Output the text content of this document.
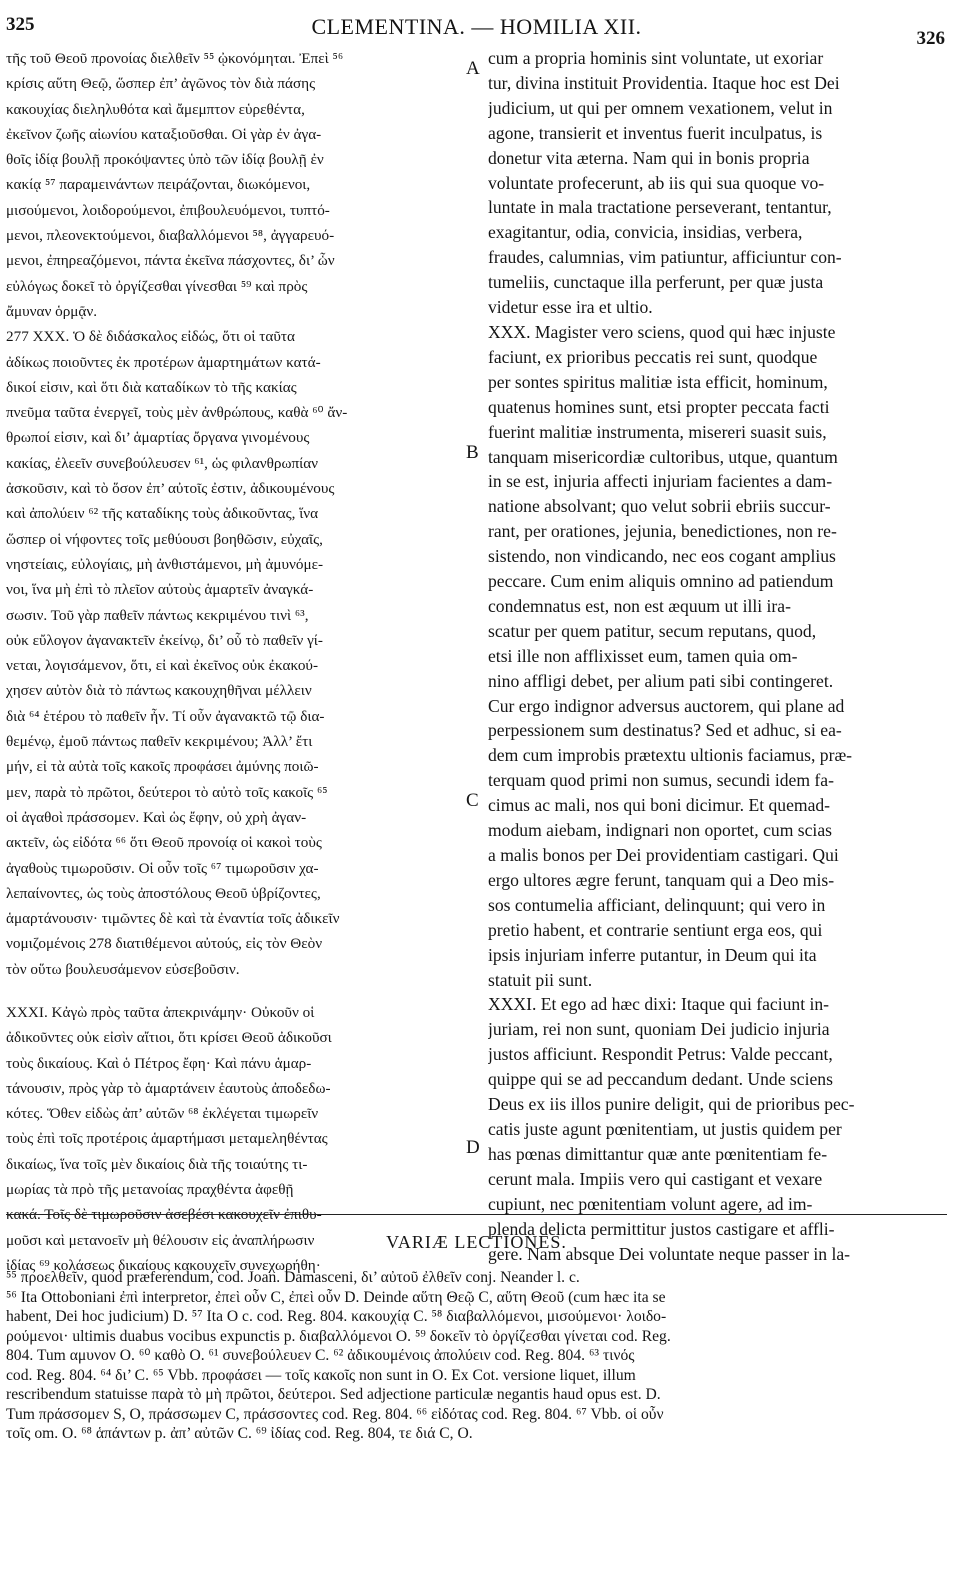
325	CLEMENTINA. — HOMILIA XII.	326
τῆς τοῦ Θεοῦ προνοίας διελθεῖν ⁵⁵ ᾠκονόμηται. Ἐπεὶ ⁵⁶
κρίσις αὕτη Θεῷ, ὥσπερ ἐπ’ ἀγῶνος τὸν διὰ πάσης
κακουχίας διεληλυθότα καὶ ἄμεμπτον εὑρεθέντα,
ἐκεῖνον ζωῆς αἰωνίου καταξιοῦσθαι. Οἱ γὰρ ἐν ἀγα-
θοῖς ἰδίᾳ βουλῇ προκόψαντες ὑπὸ τῶν ἰδίᾳ βουλῇ ἐν
κακίᾳ ⁵⁷ παραμεινάντων πειράζονται, διωκόμενοι,
μισούμενοι, λοιδορούμενοι, ἐπιβουλευόμενοι, τυπτό-
μενοι, πλεονεκτούμενοι, διαβαλλόμενοι ⁵⁸, ἀγγαρευό-
μενοι, ἐπηρεαζόμενοι, πάντα ἐκεῖνα πάσχοντες, δι’ ὧν
εὐλόγως δοκεῖ τὸ ὀργίζεσθαι γίνεσθαι ⁵⁹ καὶ πρὸς
ἄμυναν ὁρμᾷν.
277 XXX. Ὁ δὲ διδάσκαλος εἰδώς, ὅτι οἱ ταῦτα
ἀδίκως ποιοῦντες ἐκ προτέρων ἁμαρτημάτων κατά-
δικοί εἰσιν, καὶ ὅτι διὰ καταδίκων τὸ τῆς κακίας
πνεῦμα ταῦτα ἐνεργεῖ, τοὺς μὲν ἀνθρώπους, καθὰ ⁶⁰ ἄν-
θρωποί εἰσιν, καὶ δι’ ἁμαρτίας ὄργανα γινομένους
κακίας, ἐλεεῖν συνεβούλευσεν ⁶¹, ὡς φιλανθρωπίαν
ἀσκοῦσιν, καὶ τὸ ὅσον ἐπ’ αὐτοῖς ἐστιν, ἀδικουμένους
καὶ ἀπολύειν ⁶² τῆς καταδίκης τοὺς ἀδικοῦντας, ἵνα
ὥσπερ οἱ νήφοντες τοῖς μεθύουσι βοηθῶσιν, εὐχαῖς,
νηστείαις, εὐλογίαις, μὴ ἀνθιστάμενοι, μὴ ἀμυνόμε-
νοι, ἵνα μὴ ἐπὶ τὸ πλεῖον αὐτοὺς ἁμαρτεῖν ἀναγκά-
σωσιν. Τοῦ γὰρ παθεῖν πάντως κεκριμένου τινὶ ⁶³,
οὐκ εὔλογον ἀγανακτεῖν ἐκείνῳ, δι’ οὗ τὸ παθεῖν γί-
νεται, λογισάμενον, ὅτι, εἰ καὶ ἐκεῖνος οὐκ ἐκακού-
χησεν αὐτὸν διὰ τὸ πάντως κακουχηθῆναι μέλλειν
διὰ ⁶⁴ ἑτέρου τὸ παθεῖν ἦν. Τί οὖν ἀγανακτῶ τῷ δια-
θεμένῳ, ἐμοῦ πάντως παθεῖν κεκριμένου; Ἀλλ’ ἔτι
μήν, εἰ τὰ αὐτὰ τοῖς κακοῖς προφάσει ἀμύνης ποιῶ-
μεν, παρὰ τὸ πρῶτοι, δεύτεροι τὸ αὐτὸ τοῖς κακοῖς ⁶⁵
οἱ ἀγαθοὶ πράσσομεν. Καὶ ὡς ἔφην, οὐ χρὴ ἀγαν-
ακτεῖν, ὡς εἰδότα ⁶⁶ ὅτι Θεοῦ προνοίᾳ οἱ κακοὶ τοὺς
ἀγαθοὺς τιμωροῦσιν. Οἱ οὖν τοῖς ⁶⁷ τιμωροῦσιν χα-
λεπαίνοντες, ὡς τοὺς ἀποστόλους Θεοῦ ὑβρίζοντες,
ἁμαρτάνουσιν· τιμῶντες δὲ καὶ τὰ ἐναντία τοῖς ἀδικεῖν
νομιζομένοις 278 διατιθέμενοι αὐτούς, εἰς τὸν Θεὸν
τὸν οὕτω βουλευσάμενον εὐσεβοῦσιν.
XXXI. Κἀγὼ πρὸς ταῦτα ἀπεκρινάμην· Οὐκοῦν οἱ
ἀδικοῦντες οὐκ εἰσὶν αἴτιοι, ὅτι κρίσει Θεοῦ ἀδικοῦσι
τοὺς δικαίους. Καὶ ὁ Πέτρος ἔφη· Καὶ πάνυ ἁμαρ-
τάνουσιν, πρὸς γὰρ τὸ ἁμαρτάνειν ἑαυτοὺς ἀποδεδω-
κότες. Ὅθεν εἰδὼς ἀπ’ αὐτῶν ⁶⁸ ἐκλέγεται τιμωρεῖν
τοὺς ἐπὶ τοῖς προτέροις ἁμαρτήμασι μεταμεληθέντας
δικαίως, ἵνα τοῖς μὲν δικαίοις διὰ τῆς τοιαύτης τι-
μωρίας τὰ πρὸ τῆς μετανοίας πραχθέντα ἀφεθῇ
κακά. Τοῖς δὲ τιμωροῦσιν ἀσεβέσι κακουχεῖν ἐπιθυ-
μοῦσι καὶ μετανοεῖν μὴ θέλουσιν εἰς ἀναπλήρωσιν
ἰδίας ⁶⁹ κολάσεως δικαίους κακουχεῖν συνεχωρήθη·
cum a propria hominis sint voluntate, ut exoriar
tur, divina instituit Providentia. Itaque hoc est Dei
judicium, ut qui per omnem vexationem, velut in
agone, transierit et inventus fuerit inculpatus, is
donetur vita æterna. Nam qui in bonis propria
voluntate profecerunt, ab iis qui sua quoque vo-
luntate in mala tractatione perseverant, tentantur,
exagitantur, odia, convicia, insidias, verbera,
fraudes, calumnias, vim patiuntur, afficiuntur con-
tumeliis, cunctaque illa perferunt, per quæ justa
videtur esse ira et ultio.
XXX. Magister vero sciens, quod qui hæc injuste
faciunt, ex prioribus peccatis rei sunt, quodque
per sontes spiritus malitiæ ista efficit, hominum,
quatenus homines sunt, etsi propter peccata facti
fuerint malitiæ instrumenta, misereri suasit suis,
tanquam misericordiæ cultoribus, utque, quantum
in se est, injuria affecti injuriam facientes a dam-
natione absolvant; quo velut sobrii ebriis succur-
rant, per orationes, jejunia, benedictiones, non re-
sistendo, non vindicando, nec eos cogant amplius
peccare. Cum enim aliquis omnino ad patiendum
condemnatus est, non est æquum ut illi ira-
scatur per quem patitur, secum reputans, quod,
etsi ille non afflixisset eum, tamen quia om-
nino affligi debet, per alium pati sibi contingeret.
Cur ergo indignor adversus auctorem, qui plane ad
perpessionem sum destinatus? Sed et adhuc, si ea-
dem cum improbis prætextu ultionis faciamus, præ-
terquam quod primi non sumus, secundi idem fa-
cimus ac mali, nos qui boni dicimur. Et quemad-
modum aiebam, indignari non oportet, cum scias
a malis bonos per Dei providentiam castigari. Qui
ergo ultores ægre ferunt, tanquam qui a Deo mis-
sos contumelia afficiant, delinquunt; qui vero in
pretio habent, et contrarie sentiunt erga eos, qui
ipsis injuriam inferre putantur, in Deum qui ita
statuit pii sunt.
XXXI. Et ego ad hæc dixi: Itaque qui faciunt in-
juriam, rei non sunt, quoniam Dei judicio injuria
justos afficiunt. Respondit Petrus: Valde peccant,
quippe qui se ad peccandum dedant. Unde sciens
Deus ex iis illos punire deligit, qui de prioribus pec-
catis juste agunt pœnitentiam, ut justis quidem per
has pœnas dimittantur quæ ante pœnitentiam fe-
cerunt mala. Impiis vero qui castigant et vexare
cupiunt, nec pœnitentiam volunt agere, ad im-
plenda delicta permittitur justos castigare et affli-
gere. Nam absque Dei voluntate neque passer in la-
A
B
C
D
VARIÆ LECTIONES.
⁵⁵ προελθεῖν, quod præferendum, cod. Joan. Damasceni, δι’ αὐτοῦ ἐλθεῖν conj. Neander l. c.
⁵⁶ Ita Ottoboniani ἐπὶ interpretor, ἐπεὶ οὖν C, ἐπεὶ οὖν D. Deinde αὕτη Θεῷ C, αὕτη Θεοῦ (cum hæc ita se
habent, Dei hoc judicium) D. ⁵⁷ Ita O c. cod. Reg. 804. κακουχίᾳ C. ⁵⁸ διαβαλλόμενοι, μισούμενοι· λοιδο-
ρούμενοι· ultimis duabus vocibus expunctis p. διαβαλλόμενοι O. ⁵⁹ δοκεῖν τὸ ὀργίζεσθαι γίνεται cod. Reg.
804. Tum αμυνον O. ⁶⁰ καθὸ O. ⁶¹ συνεβούλευεν C. ⁶² ἀδικουμένοις ἀπολύειν cod. Reg. 804. ⁶³ τινός
cod. Reg. 804. ⁶⁴ δι’ C. ⁶⁵ Vbb. προφάσει — τοῖς κακοῖς non sunt in O. Ex Cot. versione liquet, illum
rescribendum statuisse παρὰ τὸ μὴ πρῶτοι, δεύτεροι. Sed adjectione particulæ negantis haud opus est. D.
Tum πράσσομεν S, O, πράσσωμεν C, πράσσοντες cod. Reg. 804. ⁶⁶ εἰδότας cod. Reg. 804. ⁶⁷ Vbb. οἱ οὖν
τοῖς om. O. ⁶⁸ ἁπάντων p. ἀπ’ αὐτῶν C. ⁶⁹ ἰδίας cod. Reg. 804, τε διά C, O.
